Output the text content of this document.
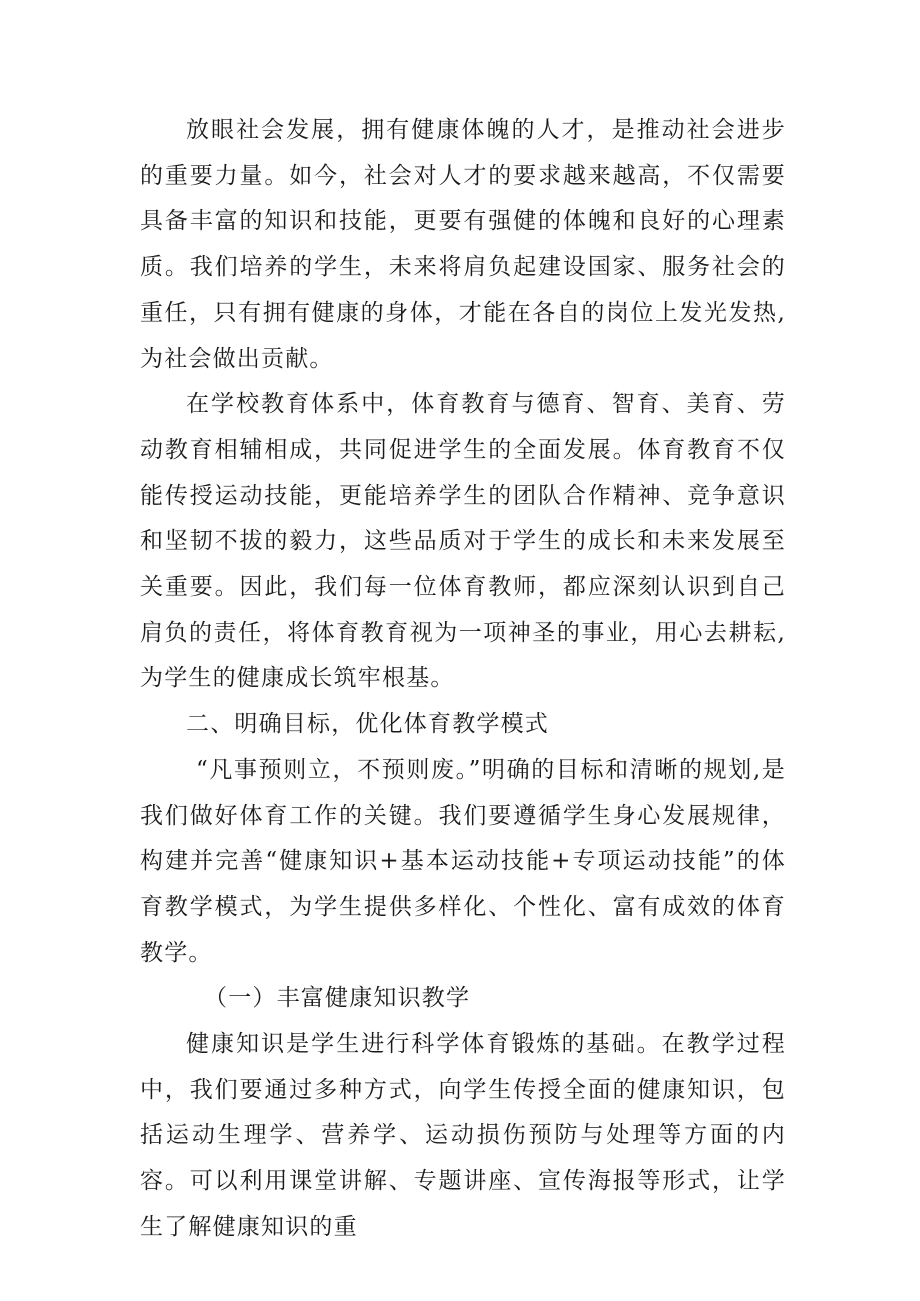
放眼社会发展，拥有健康体魄的人才，是推动社会进步的重要力量。如今，社会对人才的要求越来越高，不仅需要具备丰富的知识和技能，更要有强健的体魄和良好的心理素质。我们培养的学生，未来将肩负起建设国家、服务社会的重任，只有拥有健康的身体，才能在各自的岗位上发光发热,为社会做出贡献。

在学校教育体系中，体育教育与德育、智育、美育、劳动教育相辅相成，共同促进学生的全面发展。体育教育不仅能传授运动技能，更能培养学生的团队合作精神、竞争意识和坚韧不拔的毅力，这些品质对于学生的成长和未来发展至关重要。因此，我们每一位体育教师，都应深刻认识到自己肩负的责任，将体育教育视为一项神圣的事业，用心去耕耘,为学生的健康成长筑牢根基。

二、明确目标，优化体育教学模式

“凡事预则立，不预则废。”明确的目标和清晰的规划,是我们做好体育工作的关键。我们要遵循学生身心发展规律，构建并完善“健康知识+基本运动技能+专项运动技能”的体育教学模式，为学生提供多样化、个性化、富有成效的体育教学。

（一）丰富健康知识教学

健康知识是学生进行科学体育锻炼的基础。在教学过程中，我们要通过多种方式，向学生传授全面的健康知识，包括运动生理学、营养学、运动损伤预防与处理等方面的内容。可以利用课堂讲解、专题讲座、宣传海报等形式，让学生了解健康知识的重
